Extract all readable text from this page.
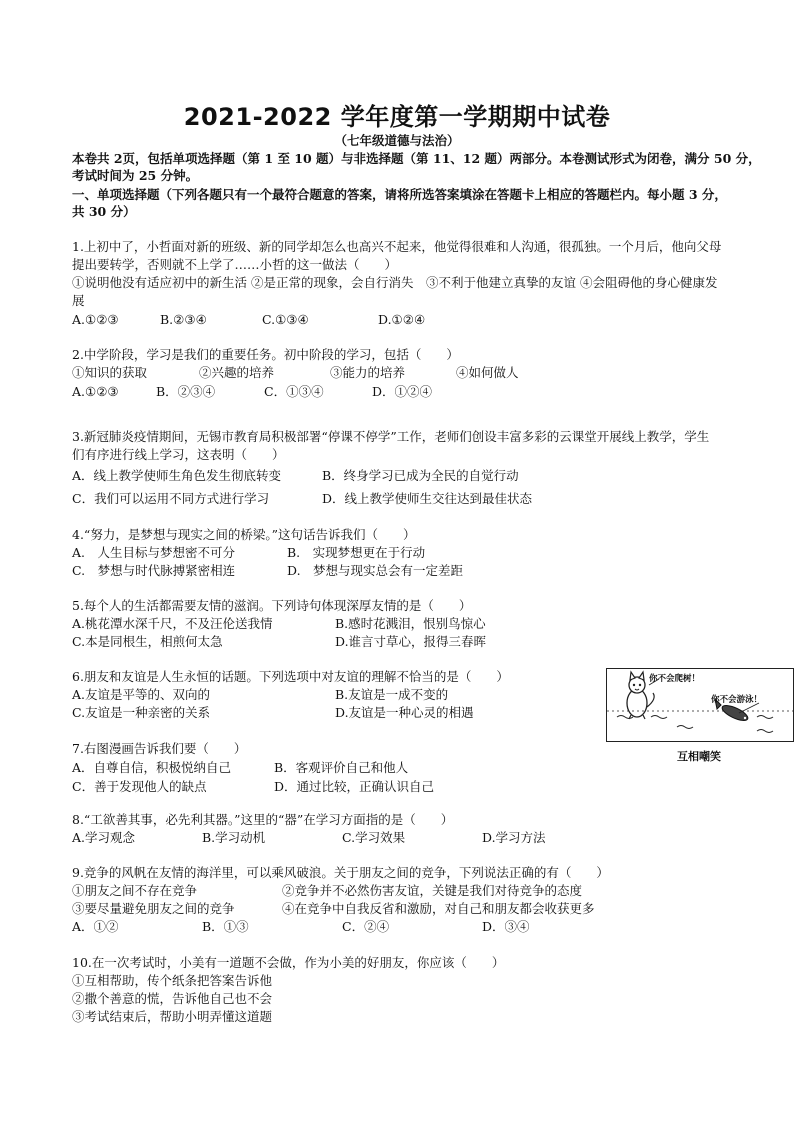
2021-2022 学年度第一学期期中试卷
（七年级道德与法治）
本卷共 2页，包括单项选择题（第 1 至 10 题）与非选择题（第 11、12 题）两部分。本卷测试形式为闭卷，满分 50 分，
考试时间为 25 分钟。
一、单项选择题（下列各题只有一个最符合题意的答案，请将所选答案填涂在答题卡上相应的答题栏内。每小题 3 分，
共 30 分）
1.上初中了，小哲面对新的班级、新的同学却怎么也高兴不起来，他觉得很难和人沟通，很孤独。一个月后，他向父母
提出要转学，否则就不上学了……小哲的这一做法（　　）
①说明他没有适应初中的新生活 ②是正常的现象，会自行消失　③不利于他建立真挚的友谊 ④会阻碍他的身心健康发
展
A.①②③	B.②③④	C.①③④	D.①②④
2.中学阶段，学习是我们的重要任务。初中阶段的学习，包括（　　）
①知识的获取	②兴趣的培养	③能力的培养	④如何做人
A.①②③	B．②③④	C．①③④	D．①②④
3.新冠肺炎疫情期间，无锡市教育局积极部署“停课不停学”工作，老师们创设丰富多彩的云课堂开展线上教学，学生
们有序进行线上学习，这表明（　　）
A．线上教学使师生角色发生彻底转变	B．终身学习已成为全民的自觉行动
C．我们可以运用不同方式进行学习	D．线上教学使师生交往达到最佳状态
4.“努力，是梦想与现实之间的桥梁。”这句话告诉我们（　　）
A.　人生目标与梦想密不可分	B.　实现梦想更在于行动
C.　梦想与时代脉搏紧密相连	D.　梦想与现实总会有一定差距
5.每个人的生活都需要友情的滋润。下列诗句体现深厚友情的是（　　）
A.桃花潭水深千尺，不及汪伦送我情	B.感时花溅泪，恨别鸟惊心
C.本是同根生，相煎何太急	D.谁言寸草心，报得三春晖
6.朋友和友谊是人生永恒的话题。下列选项中对友谊的理解不恰当的是（　　）
A.友谊是平等的、双向的	B.友谊是一成不变的
C.友谊是一种亲密的关系	D.友谊是一种心灵的相遇
你不会爬树！
你不会游泳！
互相嘲笑
7.右图漫画告诉我们要（　　）
A．自尊自信，积极悦纳自己	B．客观评价自己和他人
C．善于发现他人的缺点	D．通过比较，正确认识自己
8.“工欲善其事，必先利其器。”这里的“器”在学习方面指的是（　　）
A.学习观念	B.学习动机	C.学习效果	D.学习方法
9.竞争的风帆在友情的海洋里，可以乘风破浪。关于朋友之间的竞争，下列说法正确的有（　　）
①朋友之间不存在竞争	②竞争并不必然伤害友谊，关键是我们对待竞争的态度
③要尽量避免朋友之间的竞争	④在竞争中自我反省和激励，对自己和朋友都会收获更多
A．①②	B．①③	C．②④	D．③④
10.在一次考试时，小美有一道题不会做，作为小美的好朋友，你应该（　　）
①互相帮助，传个纸条把答案告诉他
②撒个善意的慌，告诉他自己也不会
③考试结束后，帮助小明弄懂这道题
